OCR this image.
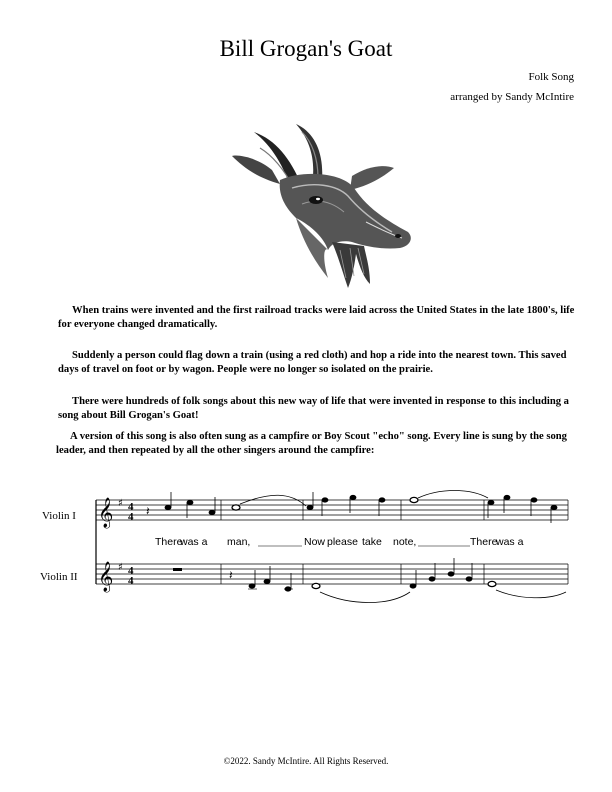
Bill Grogan's Goat
Folk Song
arranged by Sandy McIntire
When trains were invented and the first railroad tracks were laid across the United States in the late 1800's, life for everyone changed dramatically.
Suddenly a person could flag down a train (using a red cloth) and hop a ride into the nearest town. This saved days of travel on foot or by wagon. People were no longer so isolated on the prairie.
There were hundreds of folk songs about this new way of life that were invented in response to this including a song about Bill Grogan's Goat!
A version of this song is also often sung as a campfire or Boy Scout "echo" song. Every line is sung by the song leader, and then repeated by all the other singers around the campfire:
Violin I
Violin II
𝄞
𝄞
♯
♯
4
4
4
4
𝄽
𝄽
There
was a man,	Now please take note,	There
was a
©2022. Sandy McIntire. All Rights Reserved.
